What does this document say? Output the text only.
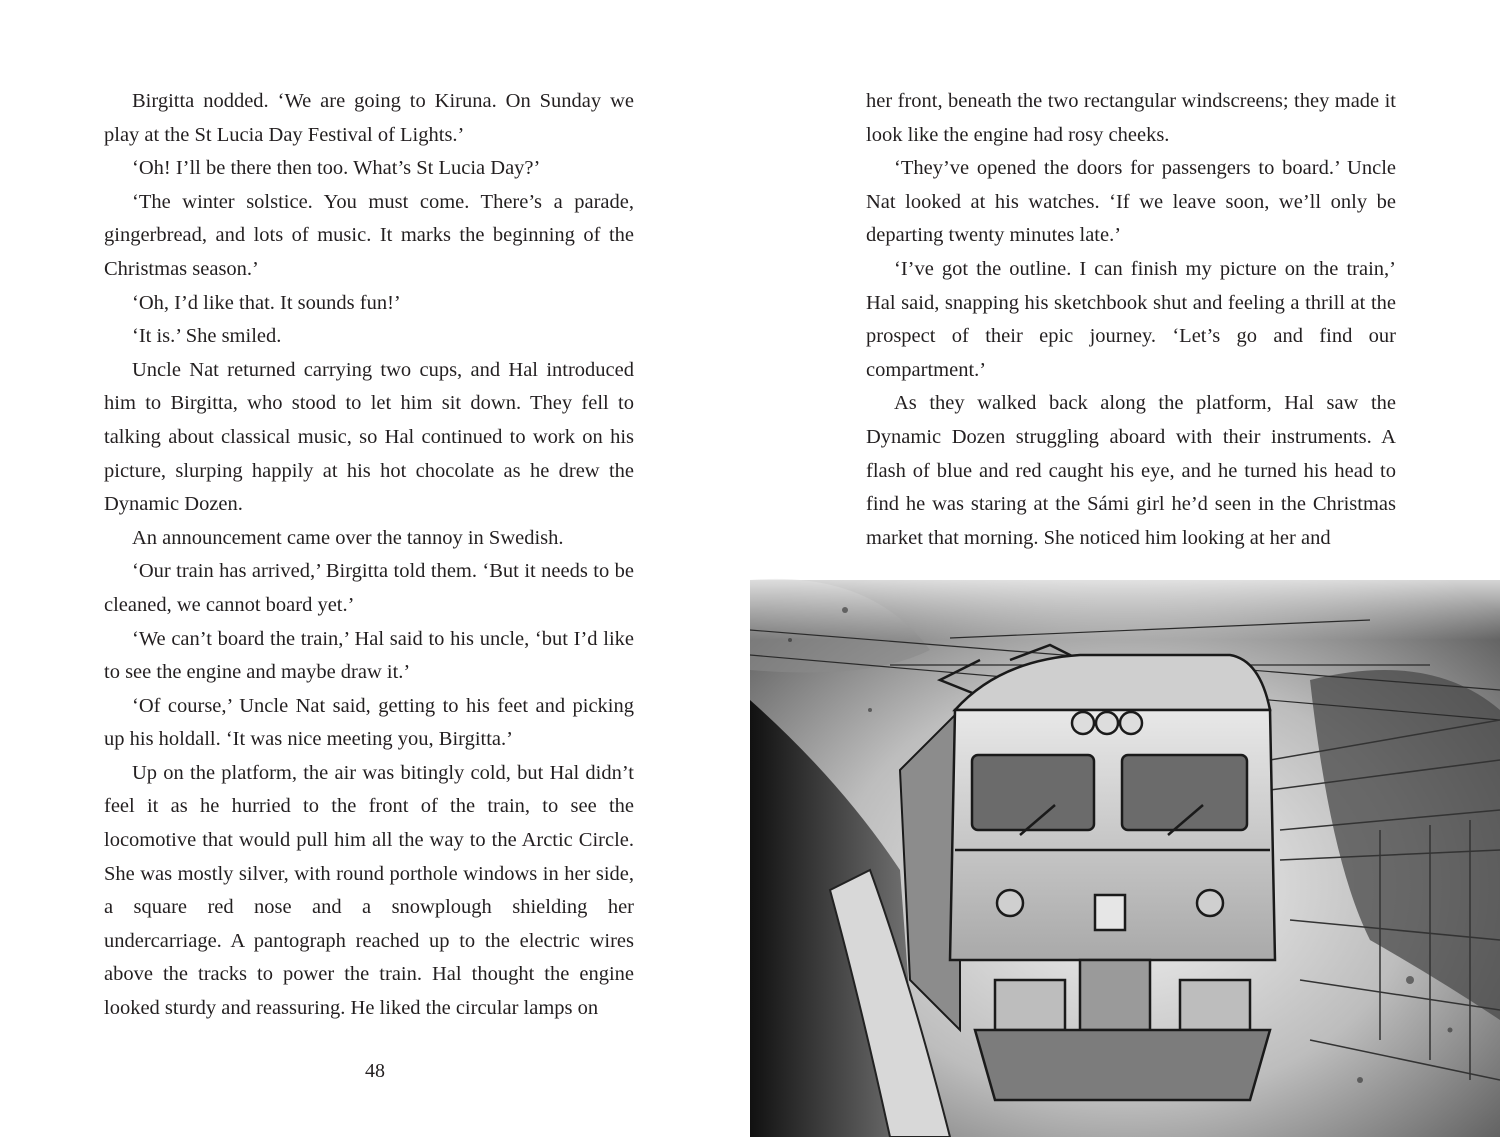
Birgitta nodded. ‘We are going to Kiruna. On Sunday we play at the St Lucia Day Festival of Lights.’

‘Oh! I’ll be there then too. What’s St Lucia Day?’

‘The winter solstice. You must come. There’s a parade, gingerbread, and lots of music. It marks the beginning of the Christmas season.’

‘Oh, I’d like that. It sounds fun!’

‘It is.’ She smiled.

Uncle Nat returned carrying two cups, and Hal introduced him to Birgitta, who stood to let him sit down. They fell to talking about classical music, so Hal continued to work on his picture, slurping happily at his hot chocolate as he drew the Dynamic Dozen.

An announcement came over the tannoy in Swedish.

‘Our train has arrived,’ Birgitta told them. ‘But it needs to be cleaned, we cannot board yet.’

‘We can’t board the train,’ Hal said to his uncle, ‘but I’d like to see the engine and maybe draw it.’

‘Of course,’ Uncle Nat said, getting to his feet and picking up his holdall. ‘It was nice meeting you, Birgitta.’

Up on the platform, the air was bitingly cold, but Hal didn’t feel it as he hurried to the front of the train, to see the locomotive that would pull him all the way to the Arctic Circle. She was mostly silver, with round porthole windows in her side, a square red nose and a snowplough shielding her undercarriage. A pantograph reached up to the electric wires above the tracks to power the train. Hal thought the engine looked sturdy and reassuring. He liked the circular lamps on

48

her front, beneath the two rectangular windscreens; they made it look like the engine had rosy cheeks.

‘They’ve opened the doors for passengers to board.’ Uncle Nat looked at his watches. ‘If we leave soon, we’ll only be departing twenty minutes late.’

‘I’ve got the outline. I can finish my picture on the train,’ Hal said, snapping his sketchbook shut and feeling a thrill at the prospect of their epic journey. ‘Let’s go and find our compartment.’

As they walked back along the platform, Hal saw the Dynamic Dozen struggling aboard with their instruments. A flash of blue and red caught his eye, and he turned his head to find he was staring at the Sámi girl he’d seen in the Christmas market that morning. She noticed him looking at her and
